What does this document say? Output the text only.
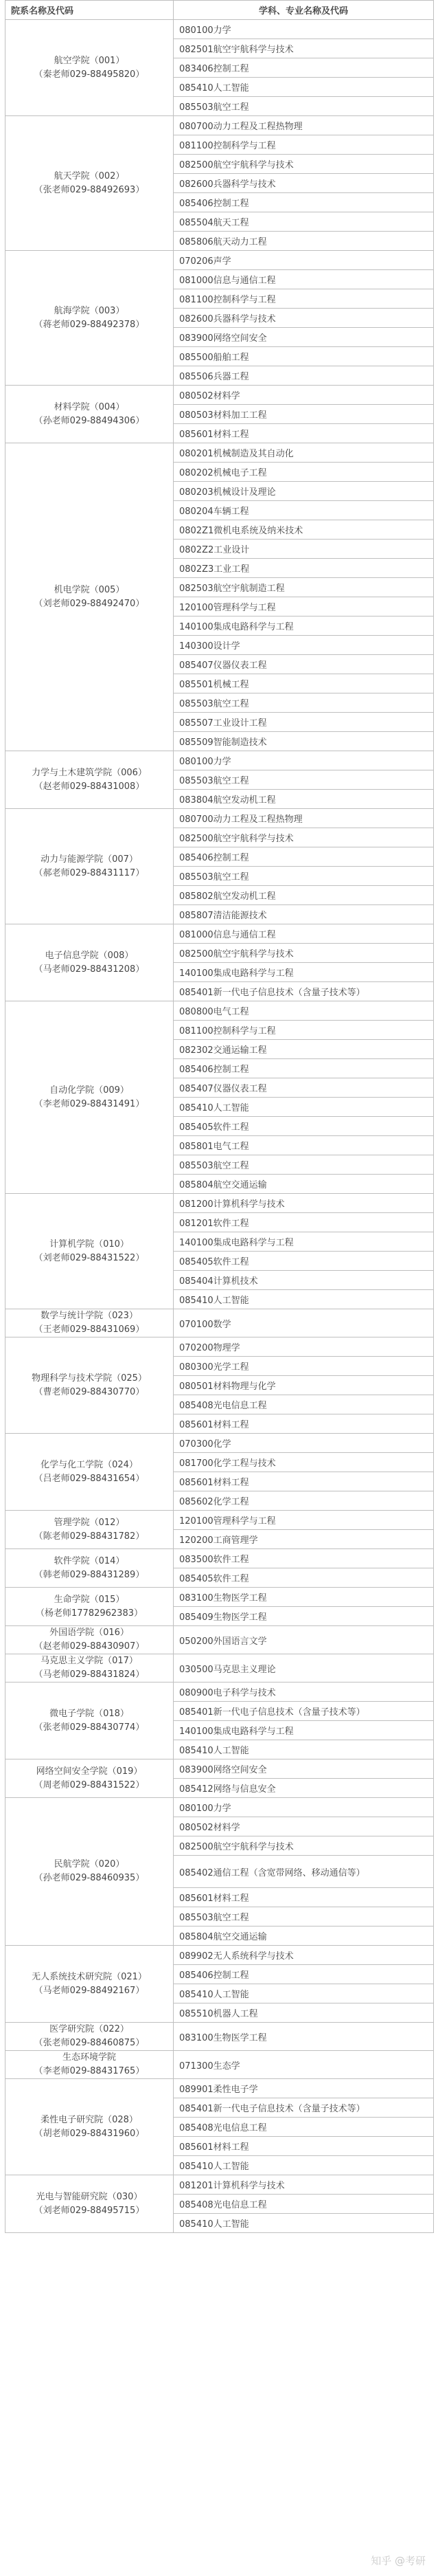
院系名称及代码	学科、专业名称及代码

航空学院（001）
（秦老师029-88495820）	080100力学
	082501航空宇航科学与技术
	083406控制工程
	085410人工智能
	085503航空工程

航天学院（002）
（张老师029-88492693）	080700动力工程及工程热物理
	081100控制科学与工程
	082500航空宇航科学与技术
	082600兵器科学与技术
	085406控制工程
	085504航天工程
	085806航天动力工程

航海学院（003）
（蒋老师029-88492378）	070206声学
	081000信息与通信工程
	081100控制科学与工程
	082600兵器科学与技术
	083900网络空间安全
	085500船舶工程
	085506兵器工程

材料学院（004）
（孙老师029-88494306）	080502材料学
	080503材料加工工程
	085601材料工程

机电学院（005）
（刘老师029-88492470）	080201机械制造及其自动化
	080202机械电子工程
	080203机械设计及理论
	080204车辆工程
	0802Z1微机电系统及纳米技术
	0802Z2工业设计
	0802Z3工业工程
	082503航空宇航制造工程
	120100管理科学与工程
	140100集成电路科学与工程
	140300设计学
	085407仪器仪表工程
	085501机械工程
	085503航空工程
	085507工业设计工程
	085509智能制造技术

力学与土木建筑学院（006）
（赵老师029-88431008）	080100力学
	085503航空工程
	083804航空发动机工程

动力与能源学院（007）
（郝老师029-88431117）	080700动力工程及工程热物理
	082500航空宇航科学与技术
	085406控制工程
	085503航空工程
	085802航空发动机工程
	085807清洁能源技术

电子信息学院（008）
（马老师029-88431208）	081000信息与通信工程
	082500航空宇航科学与技术
	140100集成电路科学与工程
	085401新一代电子信息技术（含量子技术等）

自动化学院（009）
（李老师029-88431491）	080800电气工程
	081100控制科学与工程
	082302交通运输工程
	085406控制工程
	085407仪器仪表工程
	085410人工智能
	085405软件工程
	085801电气工程
	085503航空工程
	085804航空交通运输

计算机学院（010）
（刘老师029-88431522）	081200计算机科学与技术
	081201软件工程
	140100集成电路科学与工程
	085405软件工程
	085404计算机技术
	085410人工智能

数学与统计学院（023）
（王老师029-88431069）	070100数学

物理科学与技术学院（025）
（曹老师029-88430770）	070200物理学
	080300光学工程
	080501材料物理与化学
	085408光电信息工程
	085601材料工程

化学与化工学院（024）
（吕老师029-88431654）	070300化学
	081700化学工程与技术
	085601材料工程
	085602化学工程

管理学院（012）
（陈老师029-88431782）	120100管理科学与工程
	120200工商管理学

软件学院（014）
（韩老师029-88431289）	083500软件工程
	085405软件工程

生命学院（015）
（杨老师17782962383）	083100生物医学工程
	085409生物医学工程

外国语学院（016）
（赵老师029-88430907）	050200外国语言文学

马克思主义学院（017）
（马老师029-88431824）	030500马克思主义理论

微电子学院（018）
（张老师029-88430774）	080900电子科学与技术
	085401新一代电子信息技术（含量子技术等）
	140100集成电路科学与工程
	085410人工智能

网络空间安全学院（019）
（周老师029-88431522）	083900网络空间安全
	085412网络与信息安全

民航学院（020）
（孙老师029-88460935）	080100力学
	080502材料学
	082500航空宇航科学与技术
	085402通信工程（含宽带网络、移动通信等）
	085601材料工程
	085503航空工程
	085804航空交通运输

无人系统技术研究院（021）
（马老师029-88492167）	089902无人系统科学与技术
	085406控制工程
	085410人工智能
	085510机器人工程

医学研究院（022）
（张老师029-88460875）	083100生物医学工程

生态环境学院
（李老师029-88431765）	071300生态学

柔性电子研究院（028）
（胡老师029-88431960）	089901柔性电子学
	085401新一代电子信息技术（含量子技术等）
	085408光电信息工程
	085601材料工程
	085410人工智能

光电与智能研究院（030）
（刘老师029-88495715）	081201计算机科学与技术
	085408光电信息工程
	085410人工智能
知乎 @考研
